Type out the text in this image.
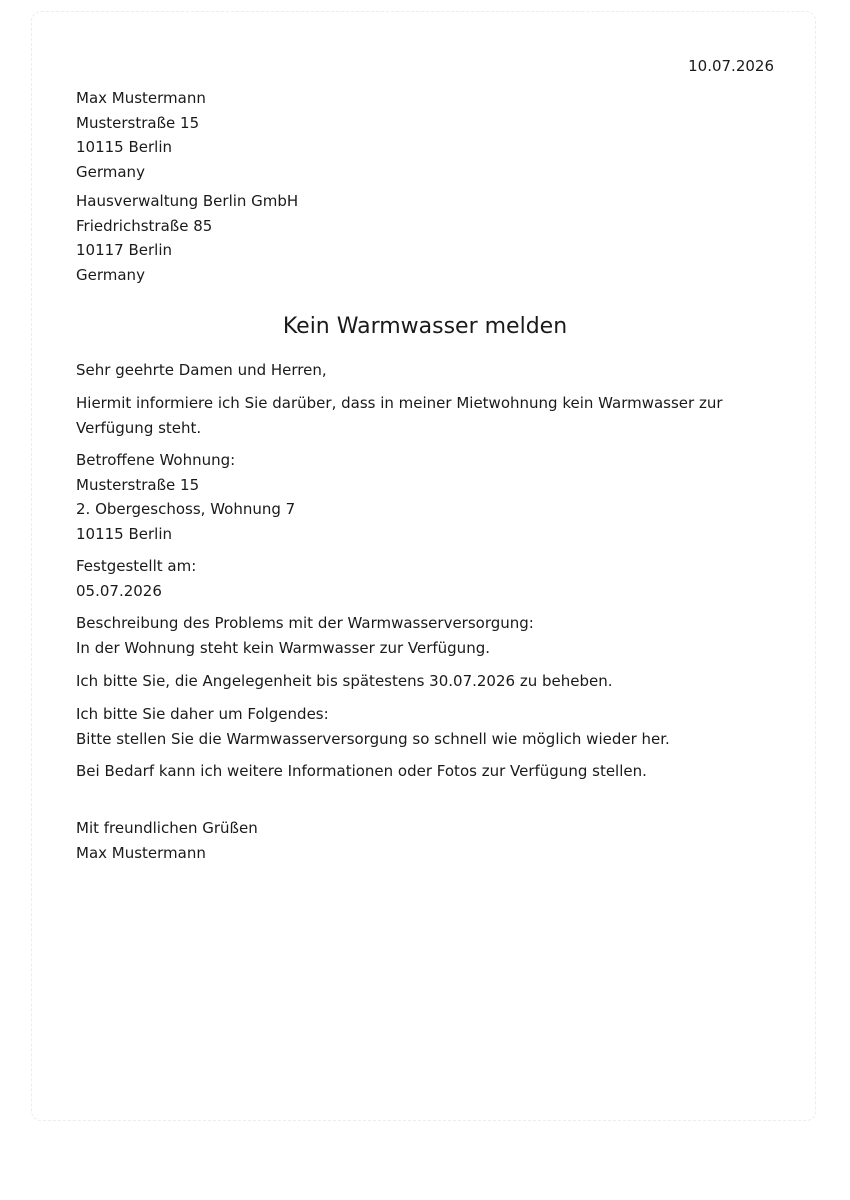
10.07.2026
Max Mustermann
Musterstraße 15
10115 Berlin
Germany
Hausverwaltung Berlin GmbH
Friedrichstraße 85
10117 Berlin
Germany
Kein Warmwasser melden
Sehr geehrte Damen und Herren,
Hiermit informiere ich Sie darüber, dass in meiner Mietwohnung kein Warmwasser zur
Verfügung steht.
Betroffene Wohnung:
Musterstraße 15
2. Obergeschoss, Wohnung 7
10115 Berlin
Festgestellt am:
05.07.2026
Beschreibung des Problems mit der Warmwasserversorgung:
In der Wohnung steht kein Warmwasser zur Verfügung.
Ich bitte Sie, die Angelegenheit bis spätestens 30.07.2026 zu beheben.
Ich bitte Sie daher um Folgendes:
Bitte stellen Sie die Warmwasserversorgung so schnell wie möglich wieder her.
Bei Bedarf kann ich weitere Informationen oder Fotos zur Verfügung stellen.
Mit freundlichen Grüßen
Max Mustermann
